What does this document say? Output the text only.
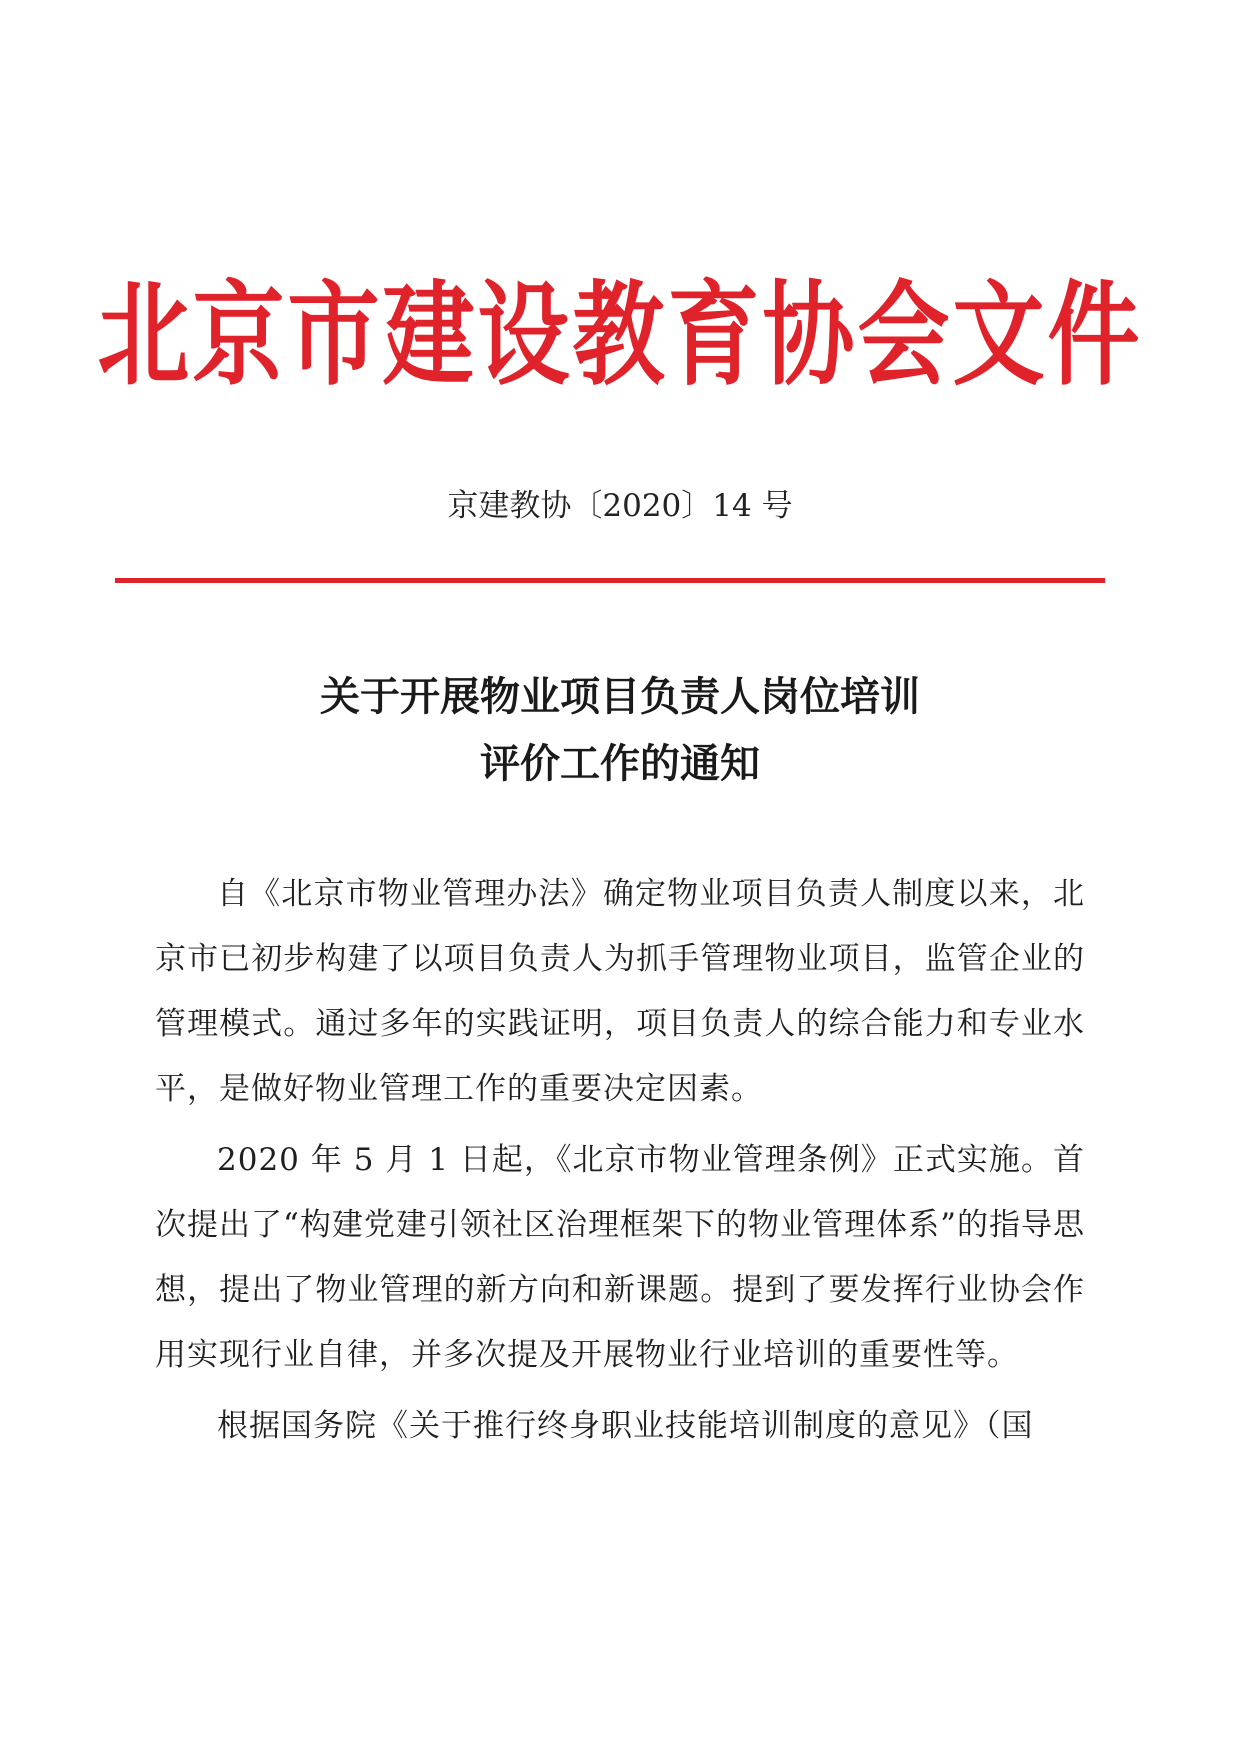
北京市建设教育协会文件
京建教协〔2020〕14 号
关于开展物业项目负责人岗位培训
评价工作的通知

自《北京市物业管理办法》确定物业项目负责人制度以来，北京市已初步构建了以项目负责人为抓手管理物业项目，监管企业的管理模式。通过多年的实践证明，项目负责人的综合能力和专业水平，是做好物业管理工作的重要决定因素。

2020 年 5 月 1 日起，《北京市物业管理条例》正式实施。首次提出了“构建党建引领社区治理框架下的物业管理体系”的指导思想，提出了物业管理的新方向和新课题。提到了要发挥行业协会作用实现行业自律，并多次提及开展物业行业培训的重要性等。

根据国务院《关于推行终身职业技能培训制度的意见》（国
